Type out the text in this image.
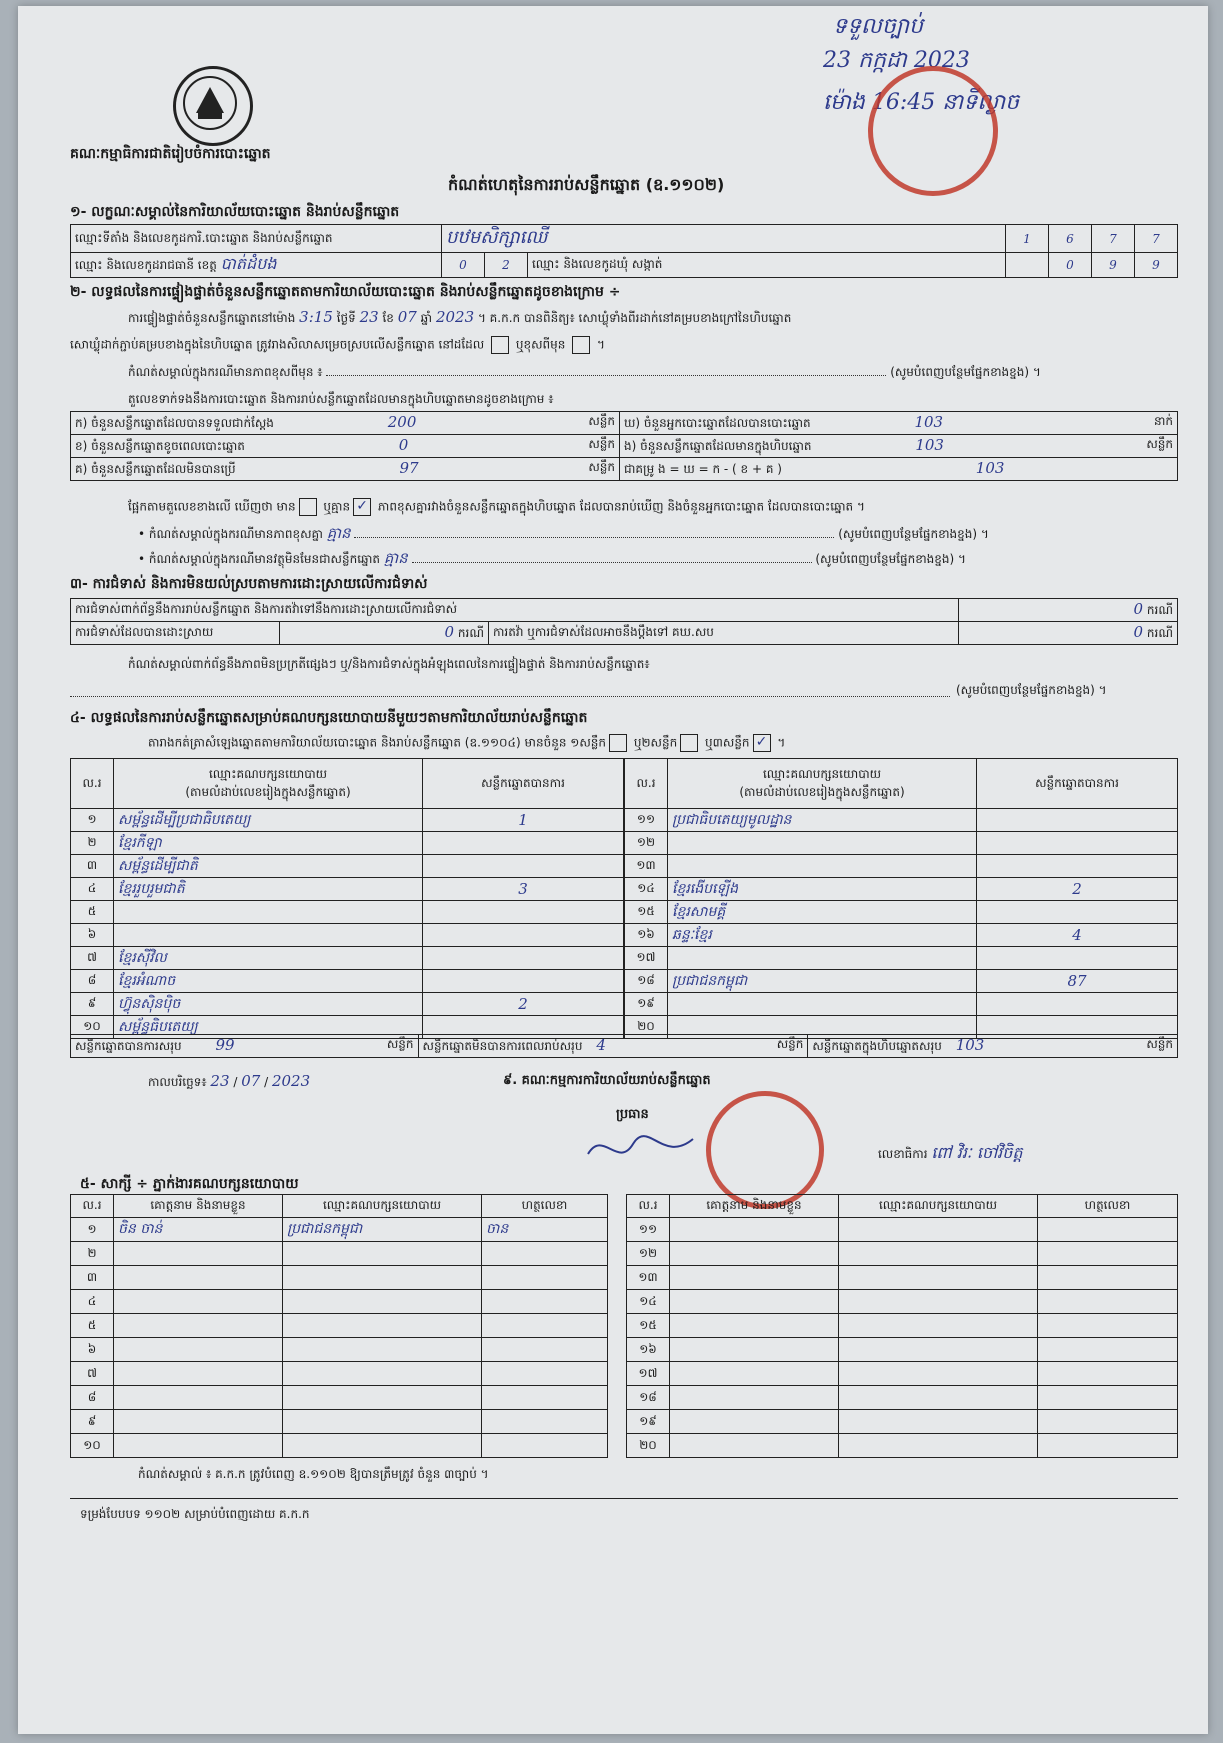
គណៈកម្មាធិការជាតិរៀបចំការបោះឆ្នោត
កំណត់ហេតុនៃការរាប់សន្លឹកឆ្នោត (ឧ.១១០២)
ទទួលច្បាប់
23 កក្កដា 2023
ម៉ោង 16:45 នាទីល្ងាច
១- លក្ខណៈសម្គាល់នៃការិយាល័យបោះឆ្នោត និងរាប់សន្លឹកឆ្នោត
ឈ្មោះទីតាំង និងលេខកូដការិ.បោះឆ្នោត និងរាប់សន្លឹកឆ្នោត	បឋមសិក្សាឈើ			1	6	7	7
ឈ្មោះ និងលេខកូដរាជធានី ខេត្ត បាត់ដំបង	0	2	ឈ្មោះ និងលេខកូដឃុំ សង្កាត់		0	9	9
២- លទ្ធផលនៃការផ្ទៀងផ្ទាត់ចំនួនសន្លឹកឆ្នោតតាមការិយាល័យបោះឆ្នោត និងរាប់សន្លឹកឆ្នោតដូចខាងក្រោម ÷
ការផ្ទៀងផ្ទាត់ចំនួនសន្លឹកឆ្នោតនៅម៉ោង 3:15 ថ្ងៃទី 23 ខែ 07 ឆ្នាំ 2023 ។ គ.ក.ក បានពិនិត្យ៖ សោឃ្លុំទាំងពីរដាក់នៅគម្របខាងក្រៅនៃហិបឆ្នោត
សោឃ្លុំដាក់ភ្ជាប់គម្របខាងក្នុងនៃហិបឆ្នោត ត្រូវរាងសិលាសម្រេចស្របលើសន្លឹកឆ្នោត នៅដដែល	ឬខុសពីមុន  ។
កំណត់សម្គាល់ក្នុងករណីមានភាពខុសពីមុន ៖	(សូមបំពេញបន្ថែមផ្នែកខាងខ្នង) ។
តួលេខទាក់ទងនឹងការបោះឆ្នោត និងការរាប់សន្លឹកឆ្នោតដែលមានក្នុងហិបឆ្នោតមានដូចខាងក្រោម ៖
ក) ចំនួនសន្លឹកឆ្នោតដែលបានទទួលជាក់ស្តែង 200 សន្លឹក	ឃ) ចំនួនអ្នកបោះឆ្នោតដែលបានបោះឆ្នោត 103 នាក់

ខ) ចំនួនសន្លឹកឆ្នោតខូចពេលបោះឆ្នោត 0 សន្លឹក	ង) ចំនួនសន្លឹកឆ្នោតដែលមានក្នុងហិបឆ្នោត 103 សន្លឹក

គ) ចំនួនសន្លឹកឆ្នោតដែលមិនបានប្រើ 97 សន្លឹក	ជាគម្រូ ង = ឃ = ក - ( ខ + គ ) 103
ផ្អែកតាមតួលេខខាងលើ ឃើញថា មាន ឬគ្មាន ✓ ភាពខុសគ្នារវាងចំនួនសន្លឹកឆ្នោតក្នុងហិបឆ្នោត ដែលបានរាប់ឃើញ និងចំនួនអ្នកបោះឆ្នោត ដែលបានបោះឆ្នោត ។
• កំណត់សម្គាល់ក្នុងករណីមានភាពខុសគ្នា គ្មាន	(សូមបំពេញបន្ថែមផ្នែកខាងខ្នង) ។
• កំណត់សម្គាល់ក្នុងករណីមានវត្ថុមិនមែនជាសន្លឹកឆ្នោត គ្មាន	(សូមបំពេញបន្ថែមផ្នែកខាងខ្នង) ។
៣- ការជំទាស់ និងការមិនយល់ស្របតាមការដោះស្រាយលើការជំទាស់
ការជំទាស់ពាក់ព័ន្ធនឹងការរាប់សន្លឹកឆ្នោត និងការតវ៉ាទៅនឹងការដោះស្រាយលើការជំទាស់			0 ករណី
ការជំទាស់ដែលបានដោះស្រាយ	0 ករណី	ការតវ៉ា ឬការជំទាស់ដែលអាចនឹងប្តឹងទៅ គឃ.សប	0 ករណី
កំណត់សម្គាល់ពាក់ព័ន្ធនឹងភាពមិនប្រក្រតីផ្សេងៗ ឬ/និងការជំទាស់ក្នុងអំឡុងពេលនៃការផ្ទៀងផ្ទាត់ និងការរាប់សន្លឹកឆ្នោត៖
(សូមបំពេញបន្ថែមផ្នែកខាងខ្នង) ។
៤- លទ្ធផលនៃការរាប់សន្លឹកឆ្នោតសម្រាប់គណបក្សនយោបាយនីមួយៗតាមការិយាល័យរាប់សន្លឹកឆ្នោត
តារាងកត់ត្រាសំឡេងឆ្នោតតាមការិយាល័យបោះឆ្នោត និងរាប់សន្លឹកឆ្នោត (ឧ.១១០៤) មានចំនួន ១សន្លឹក ឬ២សន្លឹក ឬ៣សន្លឹក ✓ ។
ល.រ	ឈ្មោះគណបក្សនយោបាយ
(តាមលំដាប់លេខរៀងក្នុងសន្លឹកឆ្នោត)	សន្លឹកឆ្នោតបានការ
១	សម្ព័ន្ធដើម្បីប្រជាធិបតេយ្យ	1
២	ខ្មែរកីឡា	
៣	សម្ព័ន្ធដើម្បីជាតិ	
៤	ខ្មែររួបរួមជាតិ	3
៥		
៦		
៧	ខ្មែរស៊ីវិល	
៨	ខ្មែរអំណាច	
៩	ហ៊្វុនស៊ិនប៉ិច	2
១០	សម្ព័ន្ធធិបតេយ្យ	
ល.រ	ឈ្មោះគណបក្សនយោបាយ
(តាមលំដាប់លេខរៀងក្នុងសន្លឹកឆ្នោត)	សន្លឹកឆ្នោតបានការ
១១	ប្រជាធិបតេយ្យមូលដ្ឋាន	
១២		
១៣		
១៤	ខ្មែរងើបឡើង	2
១៥	ខ្មែរសាមគ្គី	
១៦	ឆន្ទៈខ្មែរ	4
១៧		
១៨	ប្រជាជនកម្ពុជា	87
១៩		
២០		
សន្លឹកឆ្នោតបានការសរុប 99	សន្លឹក	សន្លឹកឆ្នោតមិនបានការពេលរាប់សរុប 4	សន្លឹក	សន្លឹកឆ្នោតក្នុងហិបឆ្នោតសរុប 103	សន្លឹក
កាលបរិច្ឆេទ៖ 23 / 07 / 2023	៩. គណៈកម្មការការិយាល័យរាប់សន្លឹកឆ្នោត
ប្រធាន
លេខាធិការ ពៅ វិរៈ ចៅវិចិត្ត
៥- សាក្សី ÷ ភ្នាក់ងារគណបក្សនយោបាយ
ល.រ	គោត្តនាម និងនាមខ្លួន	ឈ្មោះគណបក្សនយោបាយ	ហត្ថលេខា
១	ចិន ចាន់	ប្រជាជនកម្ពុជា	ចាន
២			
៣			
៤			
៥			
៦			
៧			
៨			
៩			
១០			
ល.រ	គោត្តនាម និងនាមខ្លួន	ឈ្មោះគណបក្សនយោបាយ	ហត្ថលេខា
១១			
១២			
១៣			
១៤			
១៥			
១៦			
១៧			
១៨			
១៩			
២០			
កំណត់សម្គាល់ ៖ គ.ក.ក ត្រូវបំពេញ ឧ.១១០២ ឱ្យបានត្រឹមត្រូវ ចំនួន ៣ច្បាប់ ។
ទម្រង់បែបបទ ១១០២ សម្រាប់បំពេញដោយ គ.ក.ក
